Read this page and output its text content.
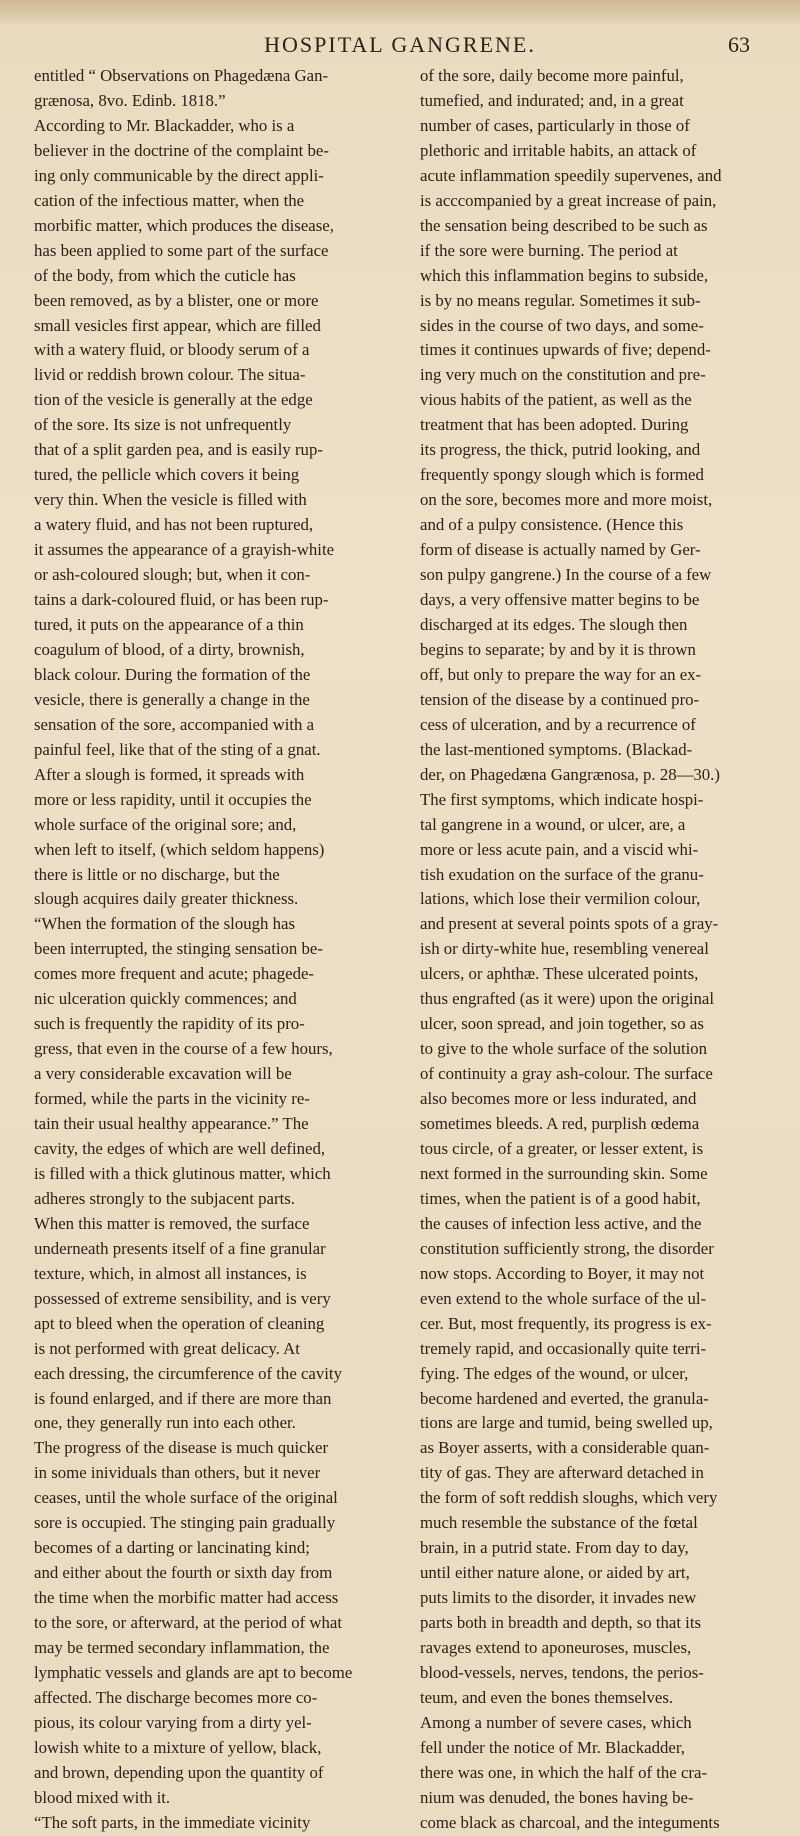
HOSPITAL GANGRENE.	63
entitled “ Observations on Phagedæna Gan-
grænosa, 8vo. Edinb. 1818.”
According to Mr. Blackadder, who is a
believer in the doctrine of the complaint be-
ing only communicable by the direct appli-
cation of the infectious matter, when the
morbific matter, which produces the disease,
has been applied to some part of the surface
of the body, from which the cuticle has
been removed, as by a blister, one or more
small vesicles first appear, which are filled
with a watery fluid, or bloody serum of a
livid or reddish brown colour. The situa-
tion of the vesicle is generally at the edge
of the sore. Its size is not unfrequently
that of a split garden pea, and is easily rup-
tured, the pellicle which covers it being
very thin. When the vesicle is filled with
a watery fluid, and has not been ruptured,
it assumes the appearance of a grayish-white
or ash-coloured slough; but, when it con-
tains a dark-coloured fluid, or has been rup-
tured, it puts on the appearance of a thin
coagulum of blood, of a dirty, brownish,
black colour. During the formation of the
vesicle, there is generally a change in the
sensation of the sore, accompanied with a
painful feel, like that of the sting of a gnat.
After a slough is formed, it spreads with
more or less rapidity, until it occupies the
whole surface of the original sore; and,
when left to itself, (which seldom happens)
there is little or no discharge, but the
slough acquires daily greater thickness.
“When the formation of the slough has
been interrupted, the stinging sensation be-
comes more frequent and acute; phagede-
nic ulceration quickly commences; and
such is frequently the rapidity of its pro-
gress, that even in the course of a few hours,
a very considerable excavation will be
formed, while the parts in the vicinity re-
tain their usual healthy appearance.” The
cavity, the edges of which are well defined,
is filled with a thick glutinous matter, which
adheres strongly to the subjacent parts.
When this matter is removed, the surface
underneath presents itself of a fine granular
texture, which, in almost all instances, is
possessed of extreme sensibility, and is very
apt to bleed when the operation of cleaning
is not performed with great delicacy. At
each dressing, the circumference of the cavity
is found enlarged, and if there are more than
one, they generally run into each other.
The progress of the disease is much quicker
in some inividuals than others, but it never
ceases, until the whole surface of the original
sore is occupied. The stinging pain gradually
becomes of a darting or lancinating kind;
and either about the fourth or sixth day from
the time when the morbific matter had access
to the sore, or afterward, at the period of what
may be termed secondary inflammation, the
lymphatic vessels and glands are apt to become
affected. The discharge becomes more co-
pious, its colour varying from a dirty yel-
lowish white to a mixture of yellow, black,
and brown, depending upon the quantity of
blood mixed with it.
“The soft parts, in the immediate vicinity
of the sore, daily become more painful,
tumefied, and indurated; and, in a great
number of cases, particularly in those of
plethoric and irritable habits, an attack of
acute inflammation speedily supervenes, and
is acccompanied by a great increase of pain,
the sensation being described to be such as
if the sore were burning. The period at
which this inflammation begins to subside,
is by no means regular. Sometimes it sub-
sides in the course of two days, and some-
times it continues upwards of five; depend-
ing very much on the constitution and pre-
vious habits of the patient, as well as the
treatment that has been adopted. During
its progress, the thick, putrid looking, and
frequently spongy slough which is formed
on the sore, becomes more and more moist,
and of a pulpy consistence. (Hence this
form of disease is actually named by Ger-
son pulpy gangrene.) In the course of a few
days, a very offensive matter begins to be
discharged at its edges. The slough then
begins to separate; by and by it is thrown
off, but only to prepare the way for an ex-
tension of the disease by a continued pro-
cess of ulceration, and by a recurrence of
the last-mentioned symptoms. (Blackad-
der, on Phagedæna Gangrænosa, p. 28—30.)
The first symptoms, which indicate hospi-
tal gangrene in a wound, or ulcer, are, a
more or less acute pain, and a viscid whi-
tish exudation on the surface of the granu-
lations, which lose their vermilion colour,
and present at several points spots of a gray-
ish or dirty-white hue, resembling venereal
ulcers, or aphthæ. These ulcerated points,
thus engrafted (as it were) upon the original
ulcer, soon spread, and join together, so as
to give to the whole surface of the solution
of continuity a gray ash-colour. The surface
also becomes more or less indurated, and
sometimes bleeds. A red, purplish œdema
tous circle, of a greater, or lesser extent, is
next formed in the surrounding skin. Some
times, when the patient is of a good habit,
the causes of infection less active, and the
constitution sufficiently strong, the disorder
now stops. According to Boyer, it may not
even extend to the whole surface of the ul-
cer. But, most frequently, its progress is ex-
tremely rapid, and occasionally quite terri-
fying. The edges of the wound, or ulcer,
become hardened and everted, the granula-
tions are large and tumid, being swelled up,
as Boyer asserts, with a considerable quan-
tity of gas. They are afterward detached in
the form of soft reddish sloughs, which very
much resemble the substance of the fœtal
brain, in a putrid state. From day to day,
until either nature alone, or aided by art,
puts limits to the disorder, it invades new
parts both in breadth and depth, so that its
ravages extend to aponeuroses, muscles,
blood-vessels, nerves, tendons, the perios-
teum, and even the bones themselves.
Among a number of severe cases, which
fell under the notice of Mr. Blackadder,
there was one, in which the half of the cra-
nium was denuded, the bones having be-
come black as charcoal, and the integuments
